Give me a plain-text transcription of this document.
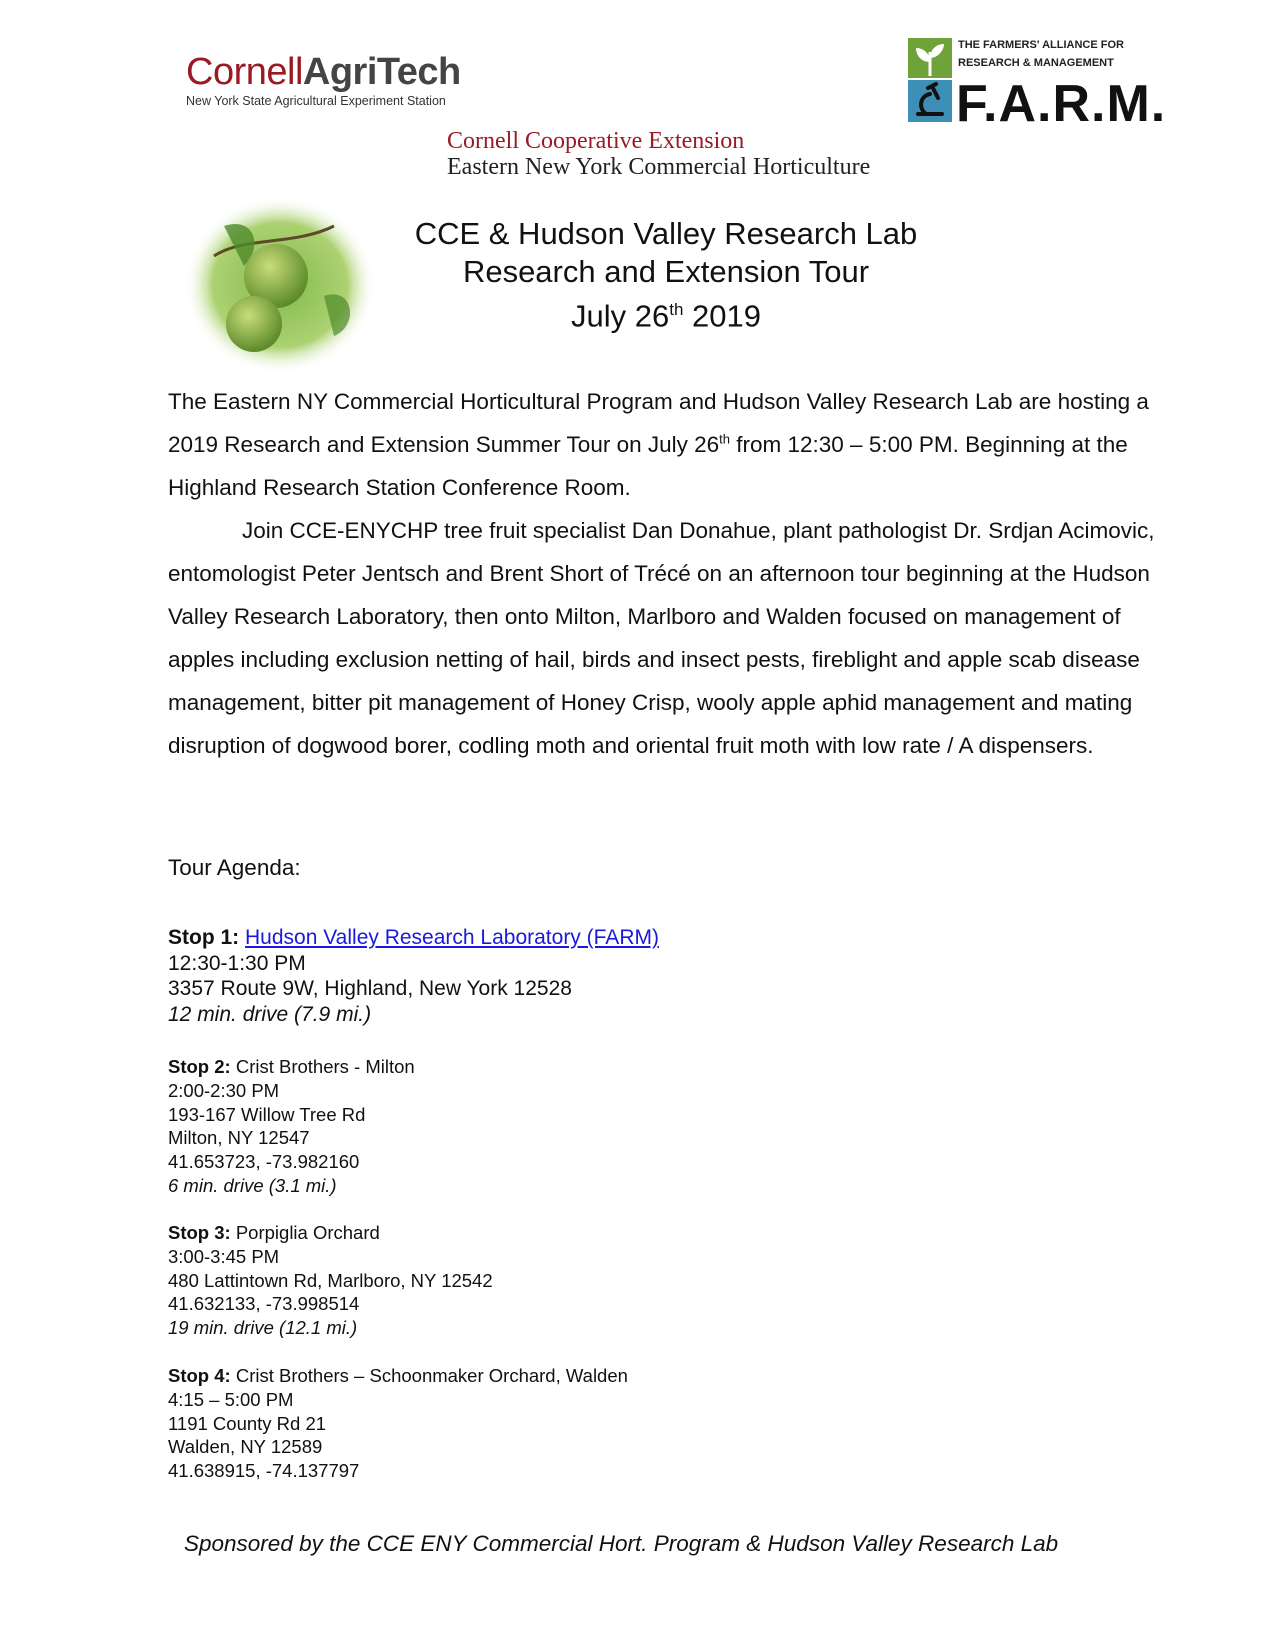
CornellAgriTech
New York State Agricultural Experiment Station
THE FARMERS' ALLIANCE FOR
RESEARCH & MANAGEMENT
F.A.R.M.
Cornell Cooperative Extension
Eastern New York Commercial Horticulture
CCE & Hudson Valley Research Lab
Research and Extension Tour
July 26th 2019

The Eastern NY Commercial Horticultural Program and Hudson Valley Research Lab are hosting a 2019 Research and Extension Summer Tour on July 26th from 12:30 – 5:00 PM. Beginning at the Highland Research Station Conference Room.

Join CCE-ENYCHP tree fruit specialist Dan Donahue, plant pathologist Dr. Srdjan Acimovic, entomologist Peter Jentsch and Brent Short of Trécé on an afternoon tour beginning at the Hudson Valley Research Laboratory, then onto Milton, Marlboro and Walden focused on management of apples including exclusion netting of hail, birds and insect pests, fireblight and apple scab disease management, bitter pit management of Honey Crisp, wooly apple aphid management and mating disruption of dogwood borer, codling moth and oriental fruit moth with low rate / A dispensers.

Tour Agenda:
Stop 1: Hudson Valley Research Laboratory (FARM)
12:30-1:30 PM
3357 Route 9W, Highland, New York 12528
12 min. drive (7.9 mi.)
Stop 2: Crist Brothers - Milton
2:00-2:30 PM
193-167 Willow Tree Rd
Milton, NY 12547
41.653723, -73.982160
6 min. drive (3.1 mi.)
Stop 3: Porpiglia Orchard
3:00-3:45 PM
480 Lattintown Rd, Marlboro, NY 12542
41.632133, -73.998514
19 min. drive (12.1 mi.)
Stop 4: Crist Brothers – Schoonmaker Orchard, Walden
4:15 – 5:00 PM
1191 County Rd 21
Walden, NY 12589
41.638915, -74.137797
Sponsored by the CCE ENY Commercial Hort. Program & Hudson Valley Research Lab
